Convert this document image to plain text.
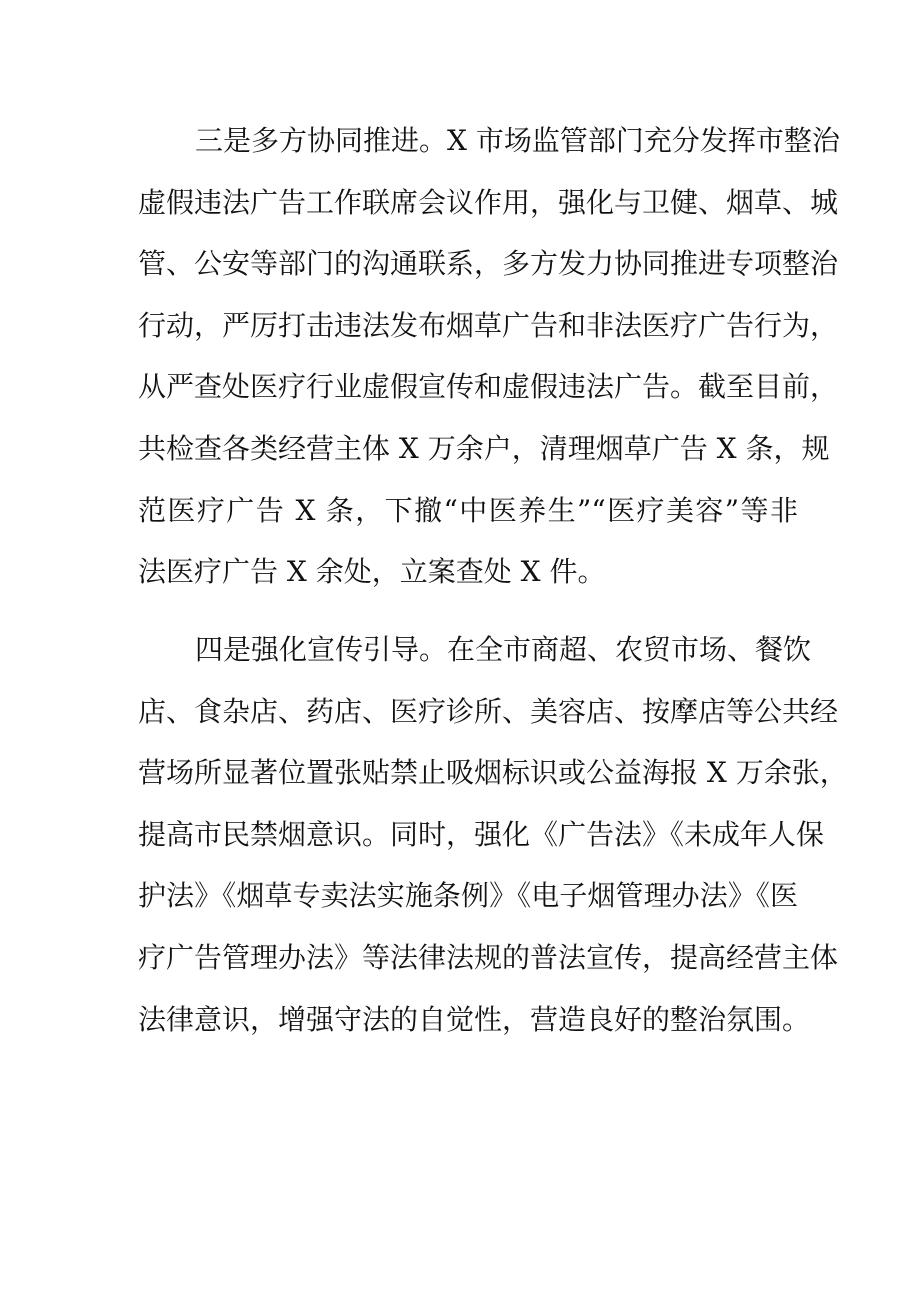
三是多方协同推进。X 市场监管部门充分发挥市整治
虚假违法广告工作联席会议作用，强化与卫健、烟草、城
管、公安等部门的沟通联系，多方发力协同推进专项整治
行动，严厉打击违法发布烟草广告和非法医疗广告行为，
从严查处医疗行业虚假宣传和虚假违法广告。截至目前，
共检查各类经营主体 X 万余户，清理烟草广告 X 条，规
范医疗广告 X 条，下撤“中医养生”“医疗美容”等非
法医疗广告 X 余处，立案查处 X 件。
四是强化宣传引导。在全市商超、农贸市场、餐饮
店、食杂店、药店、医疗诊所、美容店、按摩店等公共经
营场所显著位置张贴禁止吸烟标识或公益海报 X 万余张，
提高市民禁烟意识。同时，强化《广告法》《未成年人保
护法》《烟草专卖法实施条例》《电子烟管理办法》《医
疗广告管理办法》等法律法规的普法宣传，提高经营主体
法律意识，增强守法的自觉性，营造良好的整治氛围。
